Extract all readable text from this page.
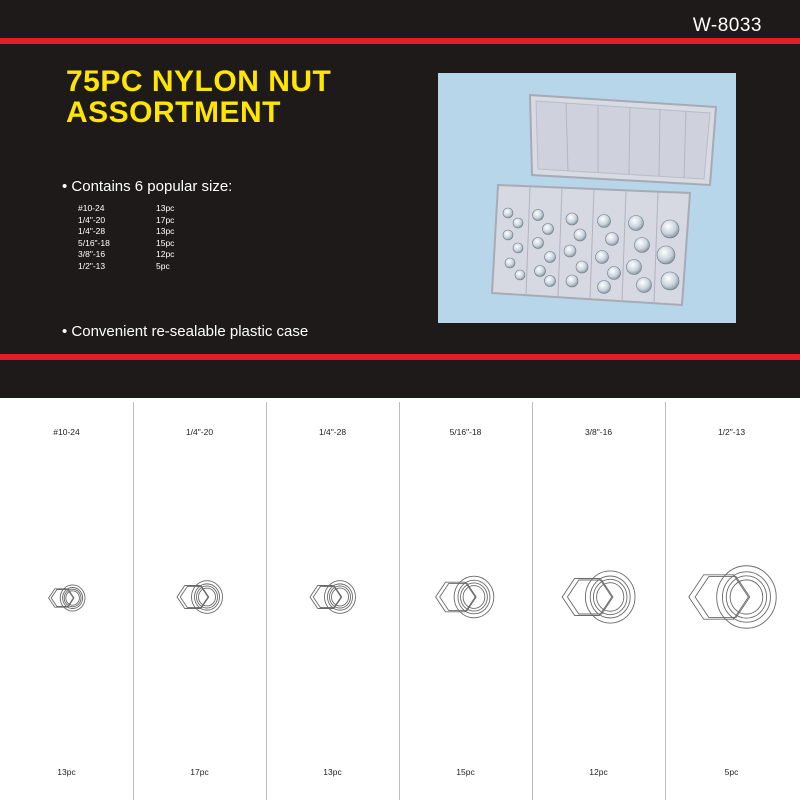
W-8033
75PC NYLON NUT
ASSORTMENT
• Contains 6 popular size:
#10-24	13pc
1/4"-20	17pc
1/4"-28	13pc
5/16"-18	15pc
3/8"-16	12pc
1/2"-13	5pc
• Convenient re-sealable plastic case
#10-24
13pc
1/4"-20
17pc
1/4"-28
13pc
5/16"-18
15pc
3/8"-16
12pc
1/2"-13
5pc
